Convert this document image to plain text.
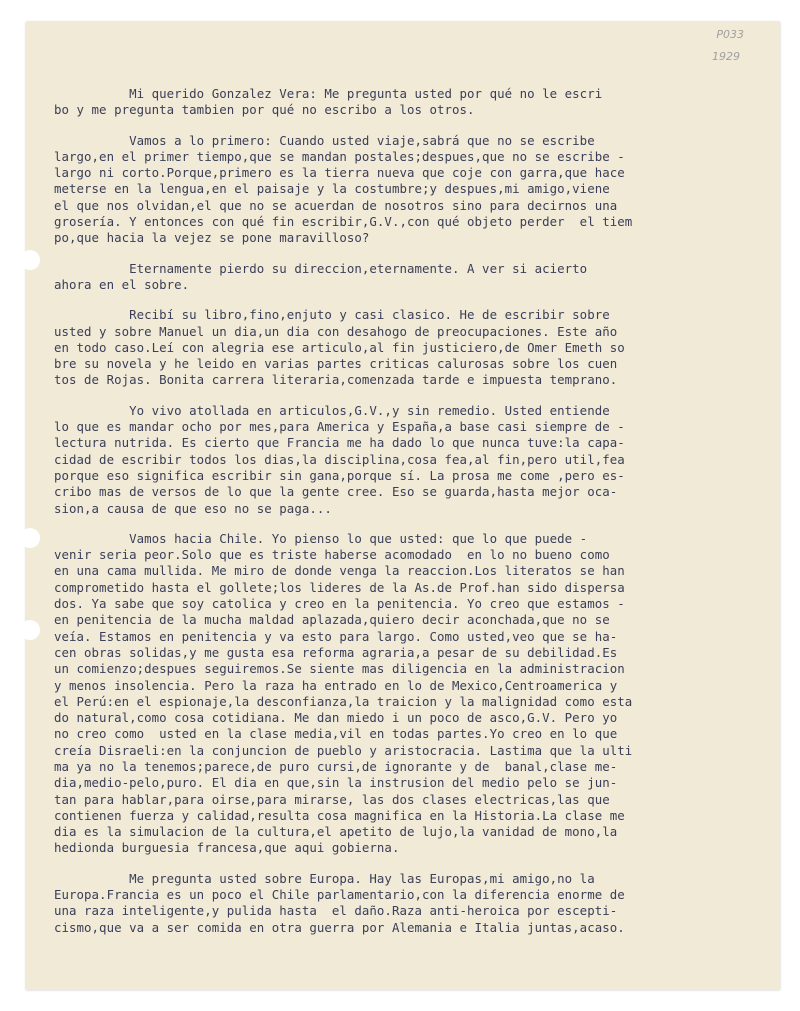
P033
1929
Mi querido Gonzalez Vera: Me pregunta usted por qué no le escri
bo y me pregunta tambien por qué no escribo a los otros.
Vamos a lo primero: Cuando usted viaje,sabrá que no se escribe
largo,en el primer tiempo,que se mandan postales;despues,que no se escribe -
largo ni corto.Porque,primero es la tierra nueva que coje con garra,que hace
meterse en la lengua,en el paisaje y la costumbre;y despues,mi amigo,viene
el que nos olvidan,el que no se acuerdan de nosotros sino para decirnos una
grosería. Y entonces con qué fin escribir,G.V.,con qué objeto perder  el tiem
po,que hacia la vejez se pone maravilloso?
Eternamente pierdo su direccion,eternamente. A ver si acierto
ahora en el sobre.
Recibí su libro,fino,enjuto y casi clasico. He de escribir sobre
usted y sobre Manuel un dia,un dia con desahogo de preocupaciones. Este año
en todo caso.Leí con alegria ese articulo,al fin justiciero,de Omer Emeth so
bre su novela y he leido en varias partes criticas calurosas sobre los cuen
tos de Rojas. Bonita carrera literaria,comenzada tarde e impuesta temprano.
Yo vivo atollada en articulos,G.V.,y sin remedio. Usted entiende
lo que es mandar ocho por mes,para America y España,a base casi siempre de -
lectura nutrida. Es cierto que Francia me ha dado lo que nunca tuve:la capa-
cidad de escribir todos los dias,la disciplina,cosa fea,al fin,pero util,fea
porque eso significa escribir sin gana,porque sí. La prosa me come ,pero es-
cribo mas de versos de lo que la gente cree. Eso se guarda,hasta mejor oca-
sion,a causa de que eso no se paga...
Vamos hacia Chile. Yo pienso lo que usted: que lo que puede -
venir seria peor.Solo que es triste haberse acomodado  en lo no bueno como
en una cama mullida. Me miro de donde venga la reaccion.Los literatos se han
comprometido hasta el gollete;los lideres de la As.de Prof.han sido dispersa
dos. Ya sabe que soy catolica y creo en la penitencia. Yo creo que estamos -
en penitencia de la mucha maldad aplazada,quiero decir aconchada,que no se
veía. Estamos en penitencia y va esto para largo. Como usted,veo que se ha-
cen obras solidas,y me gusta esa reforma agraria,a pesar de su debilidad.Es
un comienzo;despues seguiremos.Se siente mas diligencia en la administracion
y menos insolencia. Pero la raza ha entrado en lo de Mexico,Centroamerica y
el Perú:en el espionaje,la desconfianza,la traicion y la malignidad como esta
do natural,como cosa cotidiana. Me dan miedo i un poco de asco,G.V. Pero yo
no creo como  usted en la clase media,vil en todas partes.Yo creo en lo que
creía Disraeli:en la conjuncion de pueblo y aristocracia. Lastima que la ulti
ma ya no la tenemos;parece,de puro cursi,de ignorante y de  banal,clase me-
dia,medio-pelo,puro. El dia en que,sin la instrusion del medio pelo se jun-
tan para hablar,para oirse,para mirarse, las dos clases electricas,las que
contienen fuerza y calidad,resulta cosa magnifica en la Historia.La clase me
dia es la simulacion de la cultura,el apetito de lujo,la vanidad de mono,la
hedionda burguesia francesa,que aqui gobierna.
Me pregunta usted sobre Europa. Hay las Europas,mi amigo,no la
Europa.Francia es un poco el Chile parlamentario,con la diferencia enorme de
una raza inteligente,y pulida hasta  el daño.Raza anti-heroica por escepti-
cismo,que va a ser comida en otra guerra por Alemania e Italia juntas,acaso.
